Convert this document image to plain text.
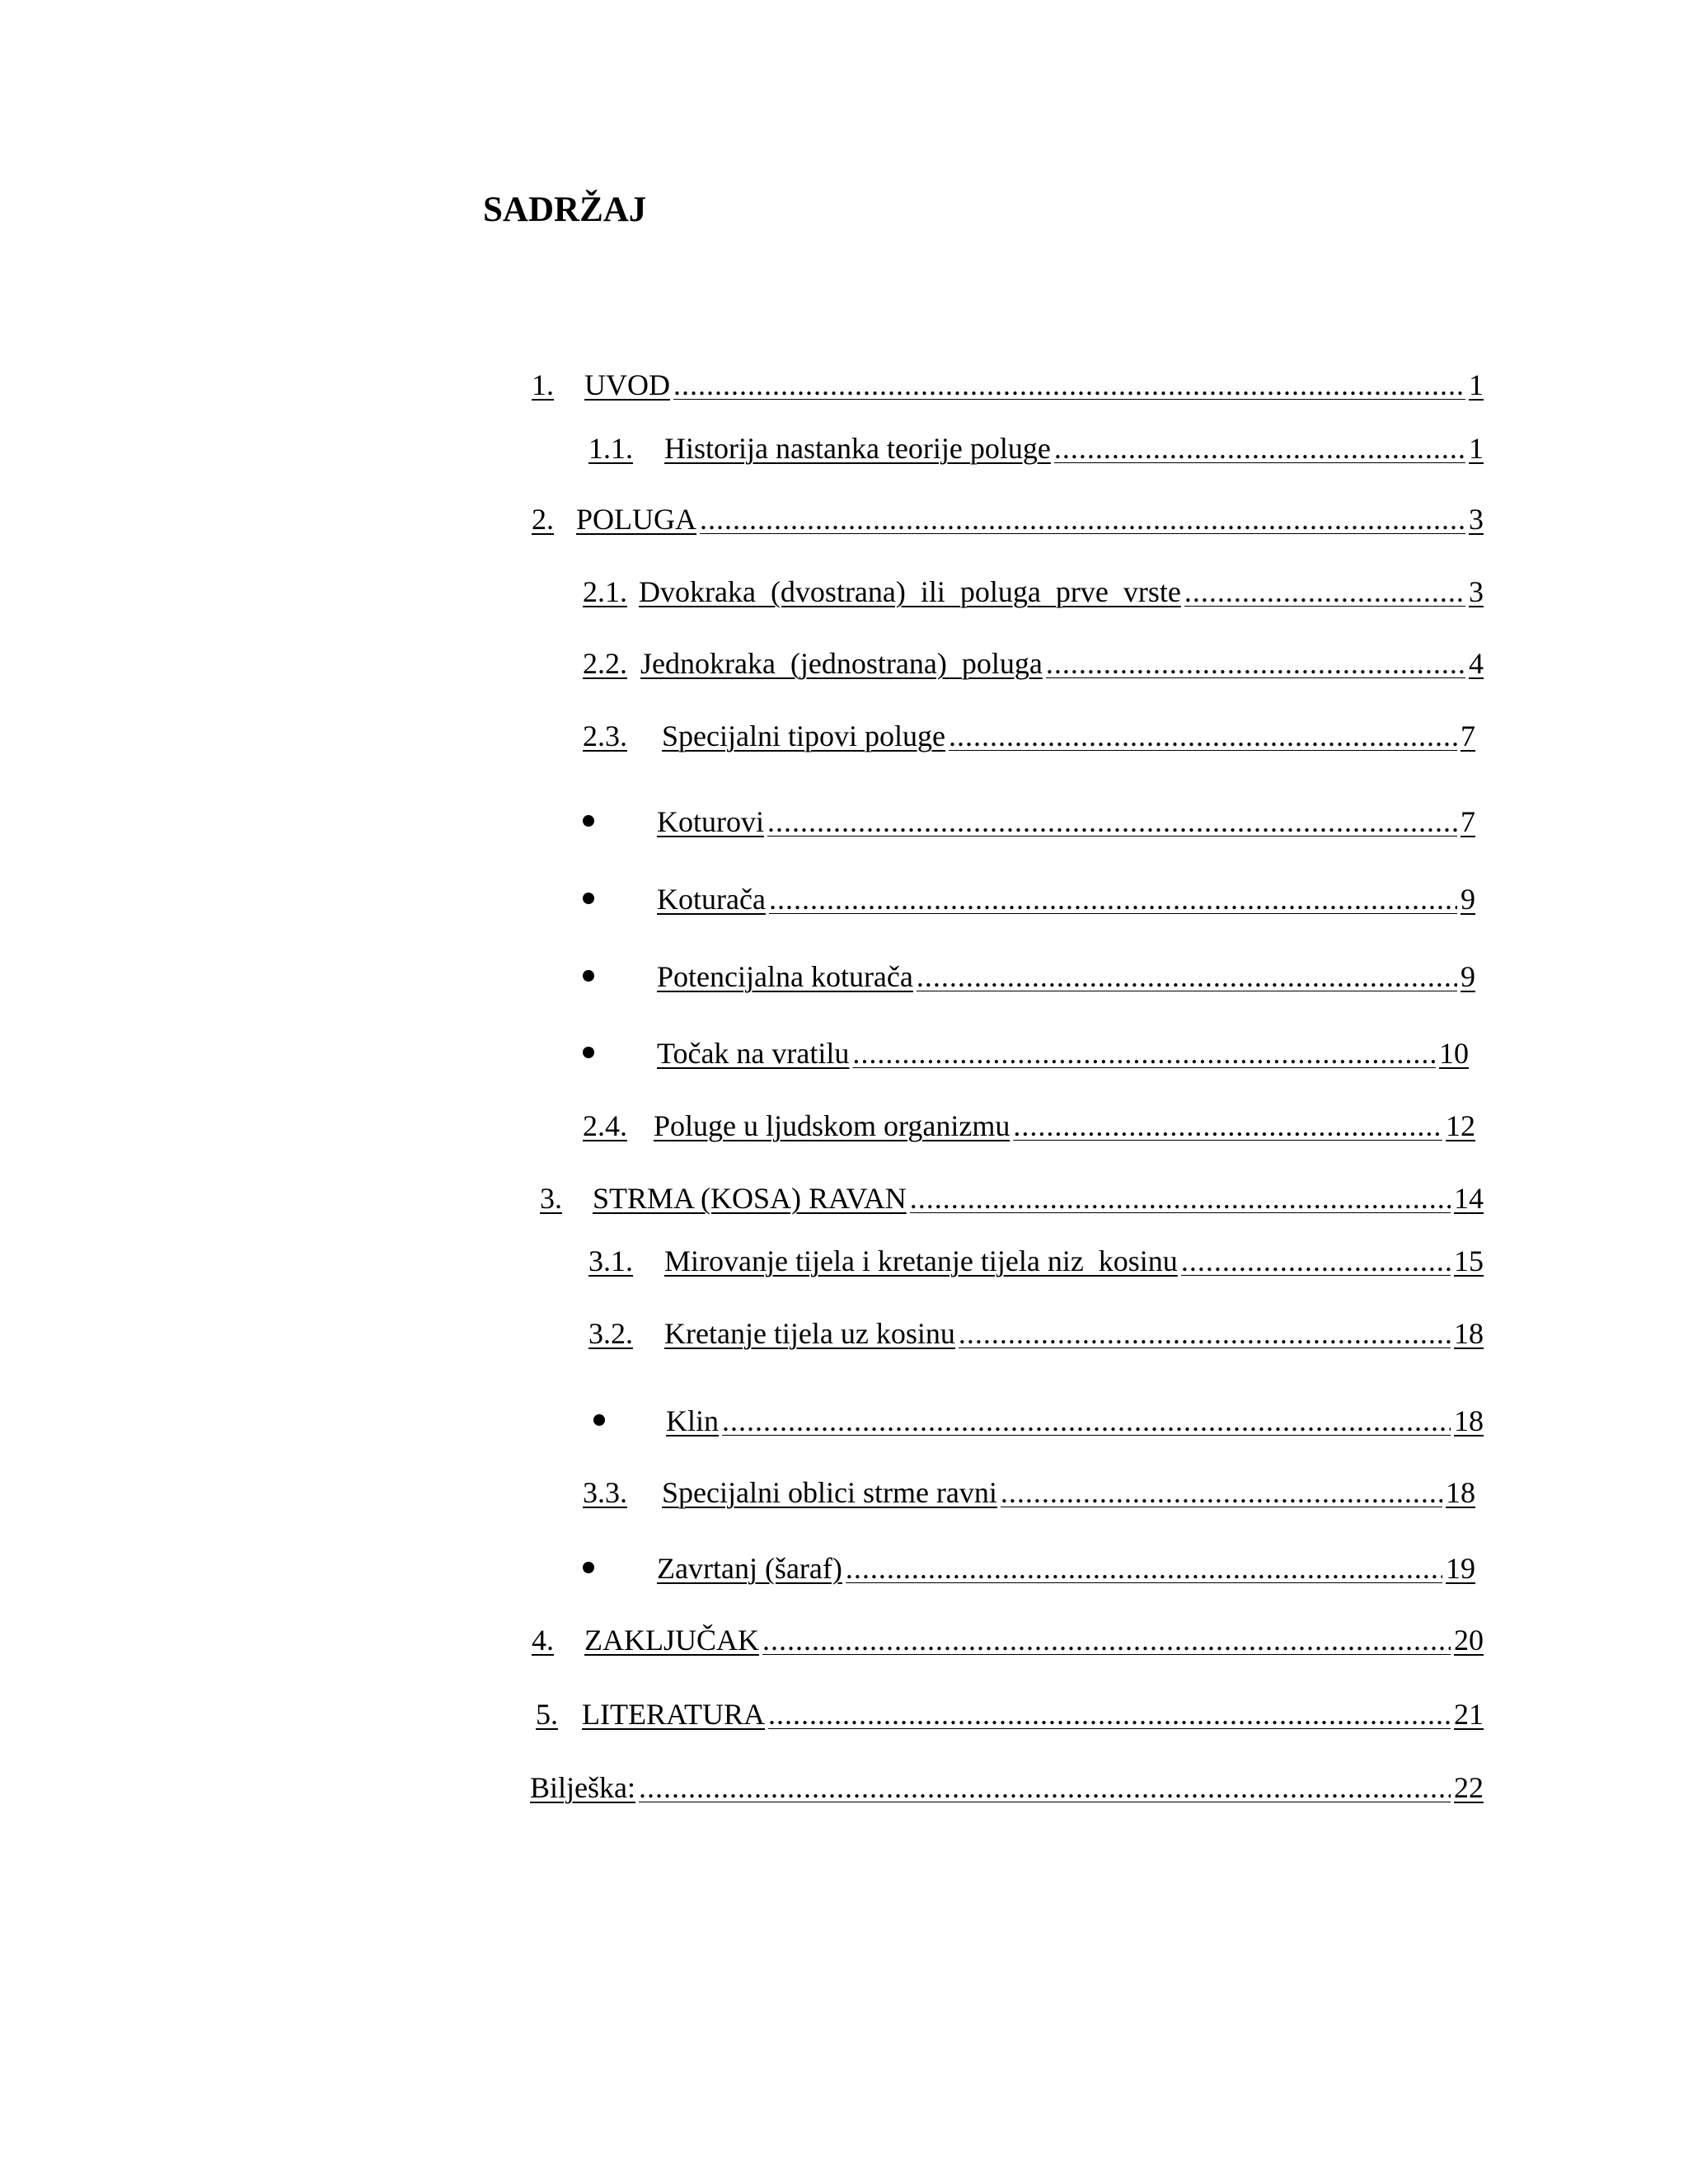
SADRŽAJ
1.	UVOD .....	1
1.1.	Historija nastanka teorije poluge .....	1
2. POLUGA .....	3
2.1. Dvokraka  (dvostrana)  ili  poluga  prve  vrste .....	3
2.2. Jednokraka  (jednostrana)  poluga .....	4
2.3.	Specijalni tipovi poluge .....	7
Koturovi .....	7
Koturača .....	9
Potencijalna koturača .....	9
Točak na vratilu .....	10
2.4. Poluge u ljudskom organizmu .....	12
3.	STRMA (KOSA) RAVAN .....	14
3.1.	Mirovanje tijela i kretanje tijela niz  kosinu .....	15
3.2.	Kretanje tijela uz kosinu .....	18
Klin .....	18
3.3.	Specijalni oblici strme ravni .....	18
Zavrtanj (šaraf) .....	19
4.	ZAKLJUČAK .....	20
5. LITERATURA .....	21
Bilješka: .....	22
